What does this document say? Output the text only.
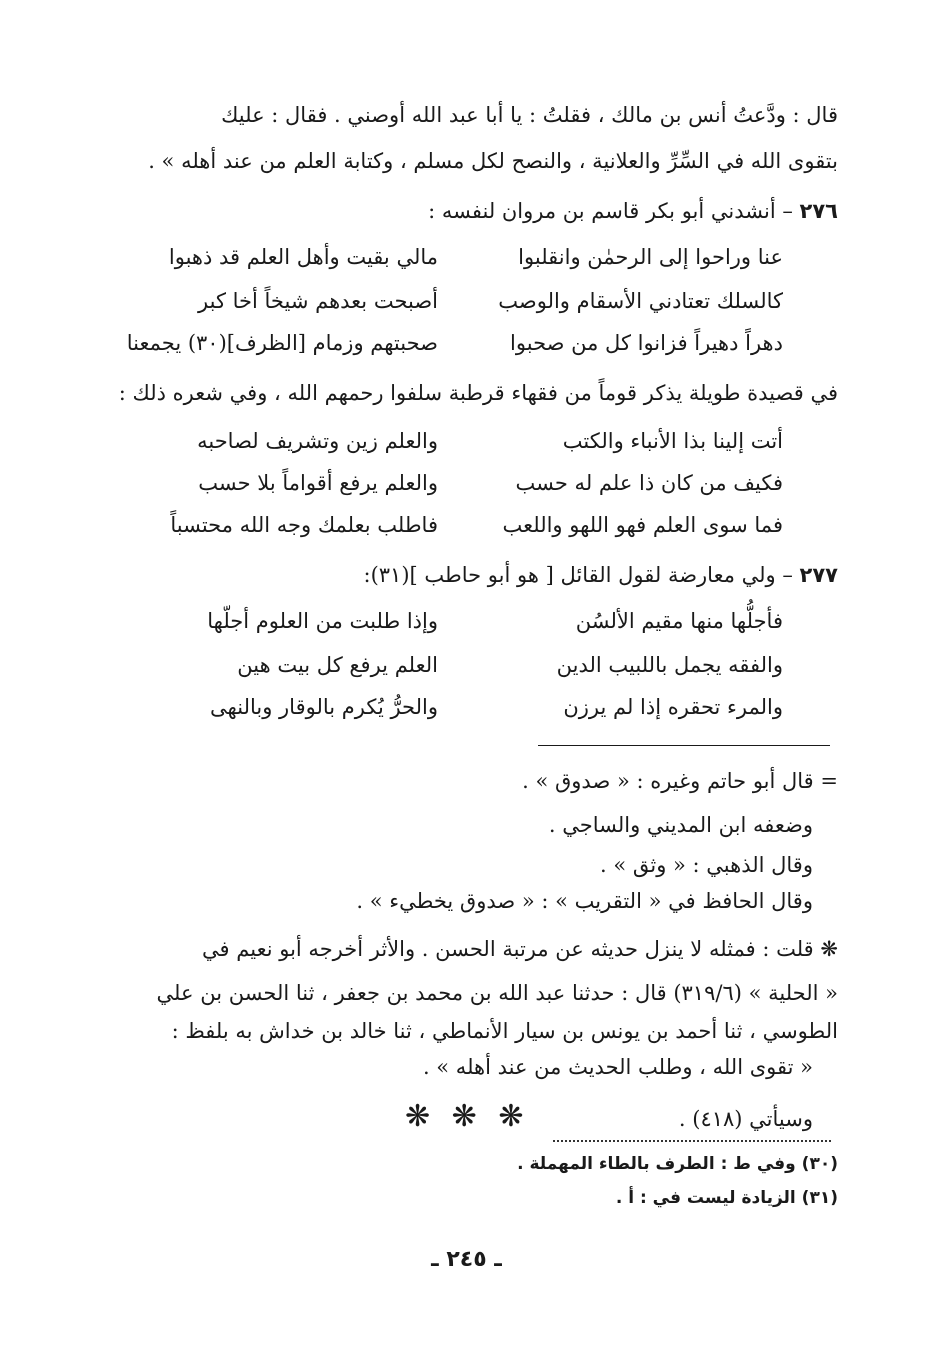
قال : ودَّعتُ أنس بن مالك ، فقلتُ : يا أبا عبد الله أوصني . فقال : عليك
بتقوى الله في السِّرِّ والعلانية ، والنصح لكل مسلم ، وكتابة العلم من عند أهله » .
٢٧٦ – أنشدني أبو بكر قاسم بن مروان لنفسه :
مالي بقيت وأهل العلم قد ذهبوا	عنا وراحوا إلى الرحمٰن وانقلبوا
أصبحت بعدهم شيخاً أخا كبر	كالسلك تعتادني الأسقام والوصب
صحبتهم وزمام [الظرف](٣٠) يجمعنا	دهراً دهيراً فزانوا كل من صحبوا
في قصيدة طويلة يذكر قوماً من فقهاء قرطبة سلفوا رحمهم الله ، وفي شعره ذلك :
والعلم زين وتشريف لصاحبه	أتت إلينا بذا الأنباء والكتب
والعلم يرفع أقواماً بلا حسب	فكيف من كان ذا علم له حسب
فاطلب بعلمك وجه الله محتسباً	فما سوى العلم فهو اللهو واللعب
٢٧٧ – ولي معارضة لقول القائل [ هو أبو حاطب ](٣١):
وإذا طلبت من العلوم أجلّها	فأجلُّها منها مقيم الألسُن
العلم يرفع كل بيت هين	والفقه يجمل باللبيب الدين
والحرُّ يُكرم بالوقار وبالنهى	والمرء تحقره إذا لم يرزن
= قال أبو حاتم وغيره : « صدوق » .
وضعفه ابن المديني والساجي .
وقال الذهبي : « وثق » .
وقال الحافظ في « التقريب » : « صدوق يخطيء » .
❋ قلت : فمثله لا ينزل حديثه عن مرتبة الحسن . والأثر أخرجه أبو نعيم في
« الحلية » (٣١٩/٦) قال : حدثنا عبد الله بن محمد بن جعفر ، ثنا الحسن بن علي
الطوسي ، ثنا أحمد بن يونس بن سيار الأنماطي ، ثنا خالد بن خداش به بلفظ :
« تقوى الله ، وطلب الحديث من عند أهله » .
وسيأتي (٤١٨) .
❋ ❋ ❋
(٣٠) وفي ط : الطرف بالطاء المهملة .
(٣١) الزيادة ليست في : أ .
ـ ٢٤٥ ـ
